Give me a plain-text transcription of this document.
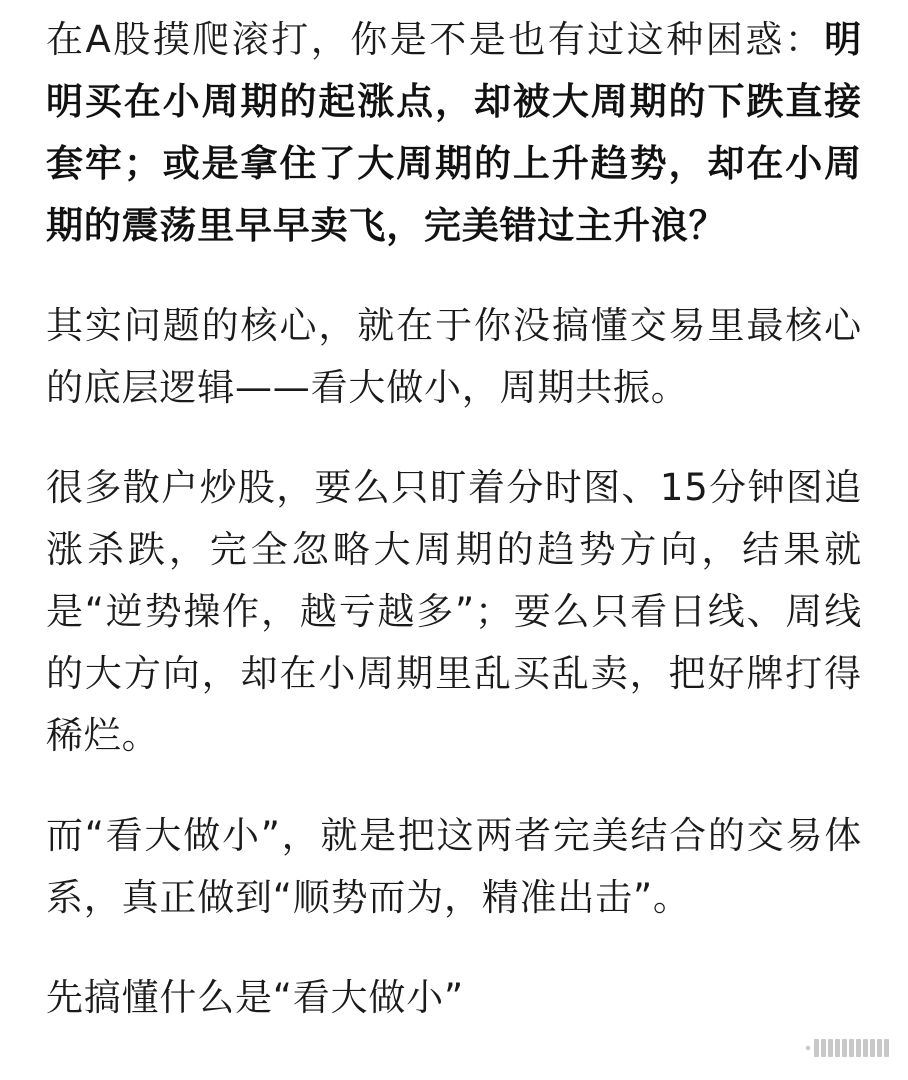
在A股摸爬滚打，你是不是也有过这种困惑：明明买在小周期的起涨点，却被大周期的下跌直接套牢；或是拿住了大周期的上升趋势，却在小周期的震荡里早早卖飞，完美错过主升浪？

其实问题的核心，就在于你没搞懂交易里最核心的底层逻辑——看大做小，周期共振。

很多散户炒股，要么只盯着分时图、15分钟图追涨杀跌，完全忽略大周期的趋势方向，结果就是“逆势操作，越亏越多”；要么只看日线、周线的大方向，却在小周期里乱买乱卖，把好牌打得稀烂。

而“看大做小”，就是把这两者完美结合的交易体系，真正做到“顺势而为，精准出击”。

先搞懂什么是“看大做小”
